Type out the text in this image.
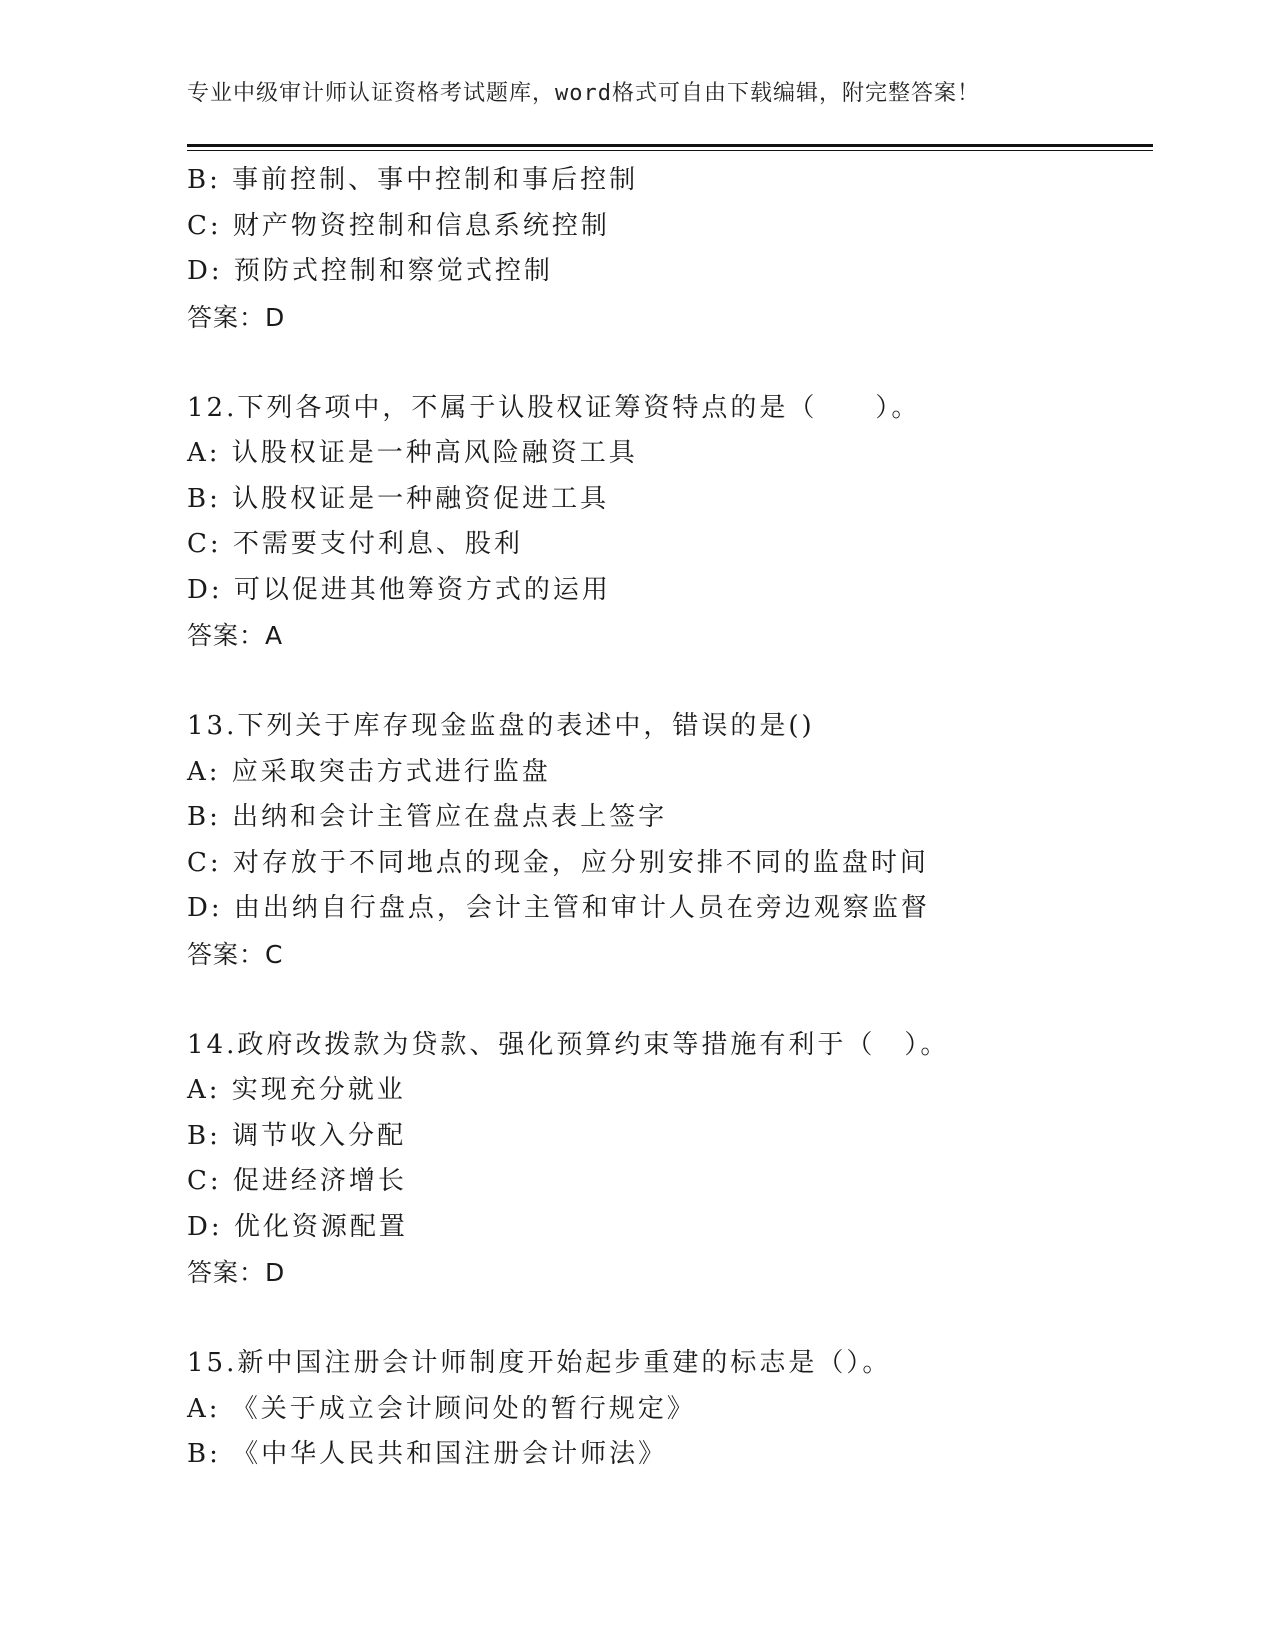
专业中级审计师认证资格考试题库，word格式可自由下载编辑，附完整答案！
B: 事前控制、事中控制和事后控制
C: 财产物资控制和信息系统控制
D: 预防式控制和察觉式控制
答案：D
12.下列各项中，不属于认股权证筹资特点的是（　　）。
A: 认股权证是一种高风险融资工具
B: 认股权证是一种融资促进工具
C: 不需要支付利息、股利
D: 可以促进其他筹资方式的运用
答案：A
13.下列关于库存现金监盘的表述中，错误的是()
A: 应采取突击方式进行监盘
B: 出纳和会计主管应在盘点表上签字
C: 对存放于不同地点的现金，应分别安排不同的监盘时间
D: 由出纳自行盘点，会计主管和审计人员在旁边观察监督
答案：C
14.政府改拨款为贷款、强化预算约束等措施有利于（　）。
A: 实现充分就业
B: 调节收入分配
C: 促进经济增长
D: 优化资源配置
答案：D
15.新中国注册会计师制度开始起步重建的标志是（）。
A: 《关于成立会计顾问处的暂行规定》
B: 《中华人民共和国注册会计师法》
